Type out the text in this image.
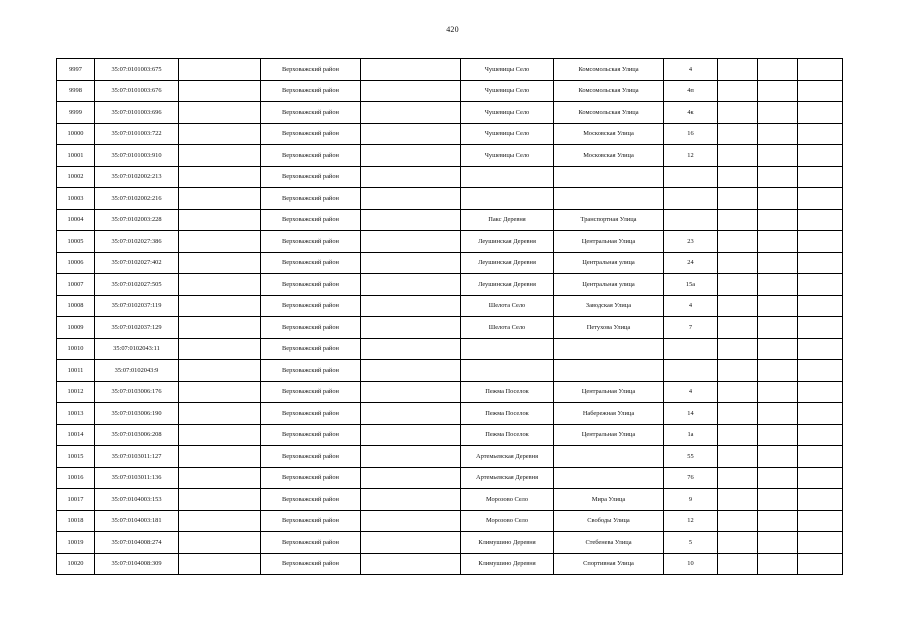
420
9997	35:07:0101003:675		Верховажский район		Чушевицы Село	Комсомольская Улица	4			
9998	35:07:0101003:676		Верховажский район		Чушевицы Село	Комсомольская Улица	4п			
9999	35:07:0101003:696		Верховажский район		Чушевицы Село	Комсомольская Улица	4к			
10000	35:07:0101003:722		Верховажский район		Чушевицы Село	Московская Улица	16			
10001	35:07:0101003:910		Верховажский район		Чушевицы Село	Московская Улица	12			
10002	35:07:0102002:213		Верховажский район							
10003	35:07:0102002:216		Верховажский район							
10004	35:07:0102003:228		Верховажский район		Пакс Деревня	Транспортная Улица				
10005	35:07:0102027:386		Верховажский район		Леушинская Деревня	Центральная Улица	23			
10006	35:07:0102027:402		Верховажский район		Леушинская Деревня	Центральная улица	24			
10007	35:07:0102027:505		Верховажский район		Леушинская Деревня	Центральная улица	15а			
10008	35:07:0102037:119		Верховажский район		Шелота Село	Заводская Улица	4			
10009	35:07:0102037:129		Верховажский район		Шелота Село	Петухова Улица	7			
10010	35:07:0102043:11		Верховажский район							
10011	35:07:0102043:9		Верховажский район							
10012	35:07:0103006:176		Верховажский район		Пежма Поселок	Центральная Улица	4			
10013	35:07:0103006:190		Верховажский район		Пежма Поселок	Набережная Улица	14			
10014	35:07:0103006:208		Верховажский район		Пежма Поселок	Центральная Улица	1а			
10015	35:07:0103011:127		Верховажский район		Артемьевская Деревня		55			
10016	35:07:0103011:136		Верховажский район		Артемьевская Деревня		76			
10017	35:07:0104003:153		Верховажский район		Морозово Село	Мира Улица	9			
10018	35:07:0104003:181		Верховажский район		Морозово Село	Свободы Улица	12			
10019	35:07:0104008:274		Верховажский район		Климушино Деревня	Стебенева Улица	5			
10020	35:07:0104008:309		Верховажский район		Климушино Деревня	Спортивная Улица	10			
